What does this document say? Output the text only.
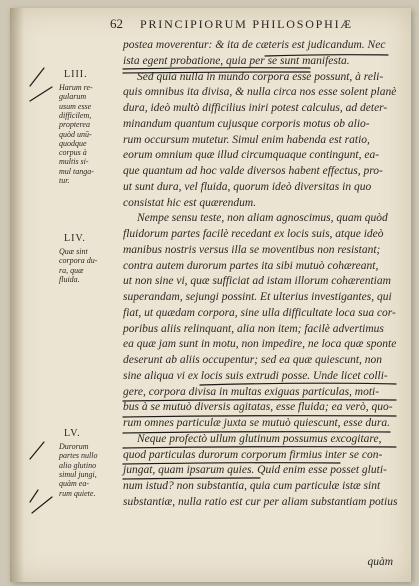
62 PRINCIPIORUM PHILOSOPHIÆ
postea moverentur: & ita de cæteris est judicandum. Nec
ista egent probatione, quia per se sunt manifesta.
Sed quia nulla in mundo corpora esse possunt, à reli-
quis omnibus ita divisa, & nulla circa nos esse solent planè
dura, ideò multò difficilius iniri potest calculus, ad deter-
minandum quantum cujusque corporis motus ob alio-
rum occursum mutetur. Simul enim habenda est ratio,
eorum omnium quæ illud circumquaque contingunt, ea-
que quantum ad hoc valde diversos habent effectus, pro-
ut sunt dura, vel fluida, quorum ideò diversitas in quo
consistat hic est quærendum.
Nempe sensu teste, non aliam agnoscimus, quam quòd
fluidorum partes facilè recedant ex locis suis, atque ideò
manibus nostris versus illa se moventibus non resistant;
contra autem durorum partes ita sibi mutuò cohæreant,
ut non sine vi, quæ sufficiat ad istam illorum cohærentiam
superandam, sejungi possint. Et ulterius investigantes, qui
fiat, ut quædam corpora, sine ulla difficultate loca sua cor-
poribus aliis relinquant, alia non item; facilè advertimus
ea quæ jam sunt in motu, non impedire, ne loca quæ sponte
deserunt ab aliis occupentur; sed ea quæ quiescunt, non
sine aliqua vi ex locis suis extrudi posse. Unde licet colli-
gere, corpora divisa in multas exiguas particulas, moti-
bus à se mutuò diversis agitatas, esse fluida; ea verò, quo-
rum omnes particulæ juxta se mutuò quiescunt, esse dura.
Neque profectò ullum glutinum possumus excogitare,
quod particulas durorum corporum firmius inter se con-
jungat, quam ipsarum quies. Quid enim esse posset gluti-
num istud? non substantia, quia cum particulæ istæ sint
substantiæ, nulla ratio est cur per aliam substantiam potius
LIII.
Harum re-
gularum
usum esse
difficilem,
propterea
quòd unū-
quodque
corpus à
multis si-
mul tanga-
tur.
LIV.
Quæ sint
corpora du-
ra, quæ
fluida.
LV.
Durorum
partes nullo
alio glutino
simul jungi,
quàm ea-
rum quiete.
quàm
